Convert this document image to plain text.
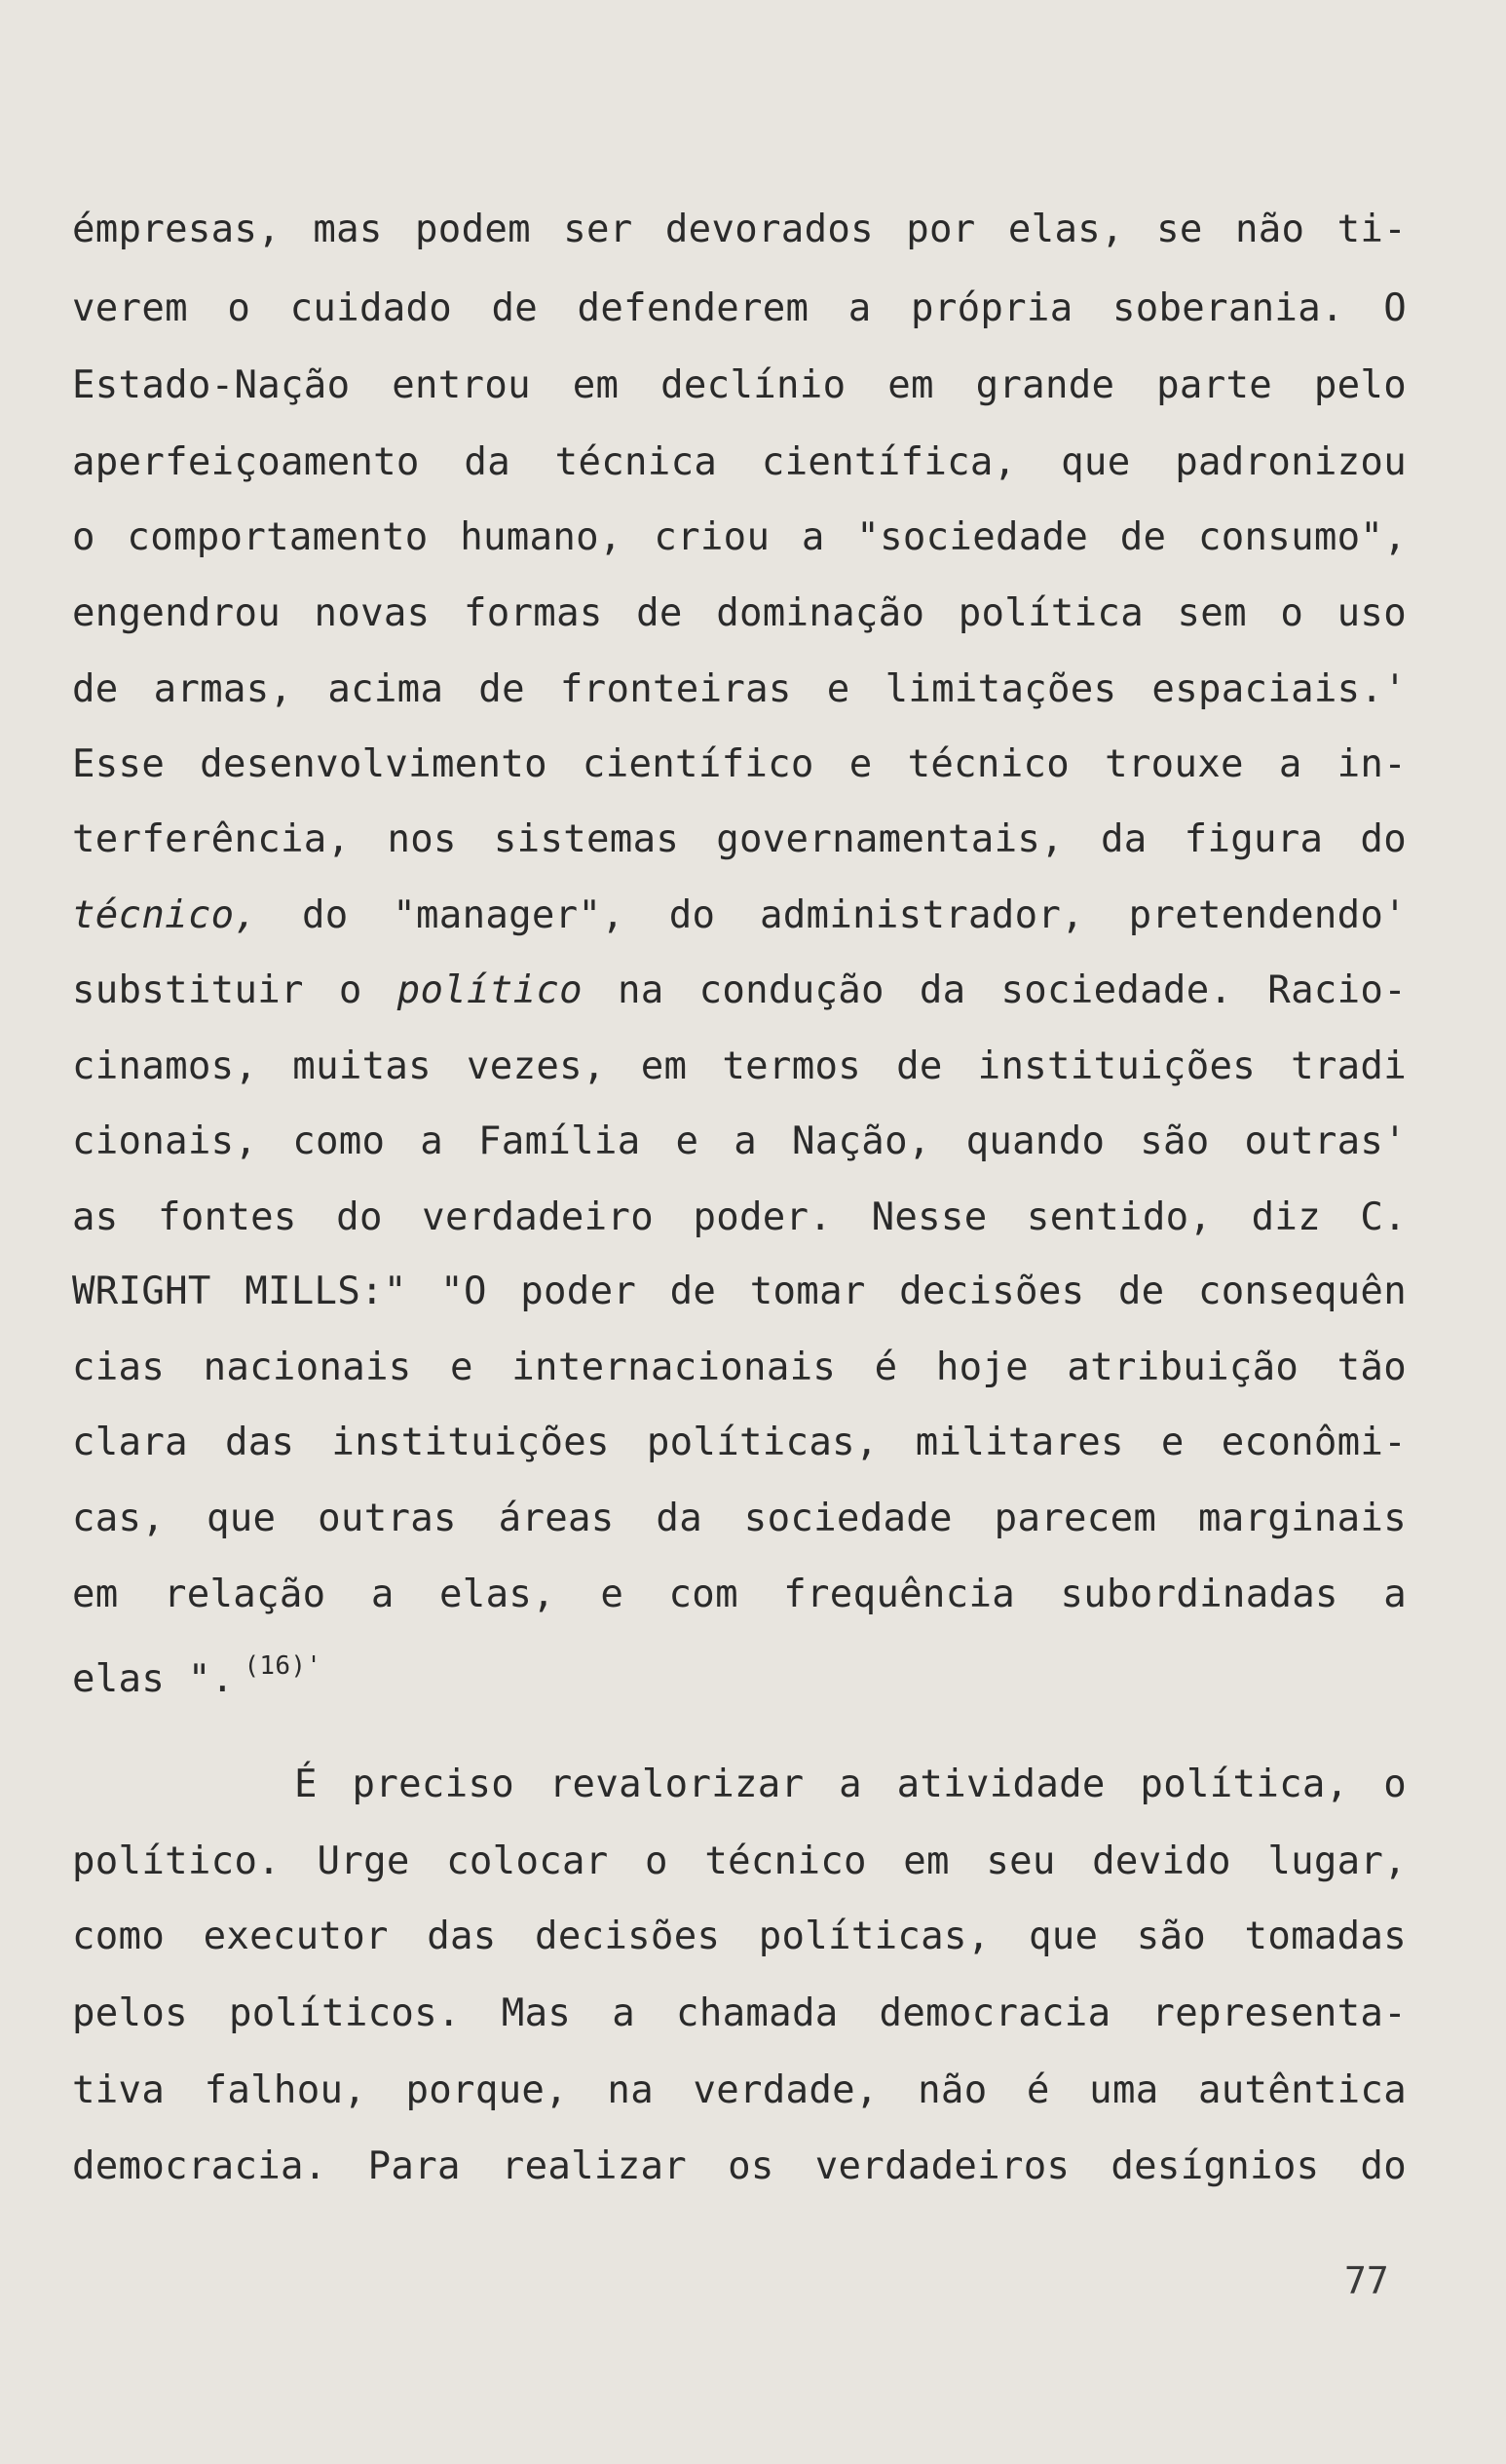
émpresas, mas podem ser devorados por elas, se não ti-
verem o cuidado de defenderem a própria soberania. O
Estado-Nação entrou em declínio em grande parte pelo
aperfeiçoamento da técnica científica, que padronizou
o comportamento humano, criou a "sociedade de consumo",
engendrou novas formas de dominação política sem o uso
de armas, acima de fronteiras e limitações espaciais.'
Esse desenvolvimento científico e técnico trouxe a in-
terferência, nos sistemas governamentais, da figura do
técnico, do "manager", do administrador, pretendendo'
substituir o político na condução da sociedade. Racio-
cinamos, muitas vezes, em termos de instituições tradi
cionais, como a Família e a Nação, quando são outras'
as fontes do verdadeiro poder. Nesse sentido, diz C.
WRIGHT MILLS:" "O poder de tomar decisões de consequên
cias nacionais e internacionais é hoje atribuição tão
clara das instituições políticas, militares e econômi-
cas, que outras áreas da sociedade parecem marginais
em relação a elas, e com frequência subordinadas a
elas ". $^{(16)'}$
É preciso revalorizar a atividade política, o
político. Urge colocar o técnico em seu devido lugar,
como executor das decisões políticas, que são tomadas
pelos políticos. Mas a chamada democracia representa-
tiva falhou, porque, na verdade, não é uma autêntica
democracia. Para realizar os verdadeiros desígnios do
77
